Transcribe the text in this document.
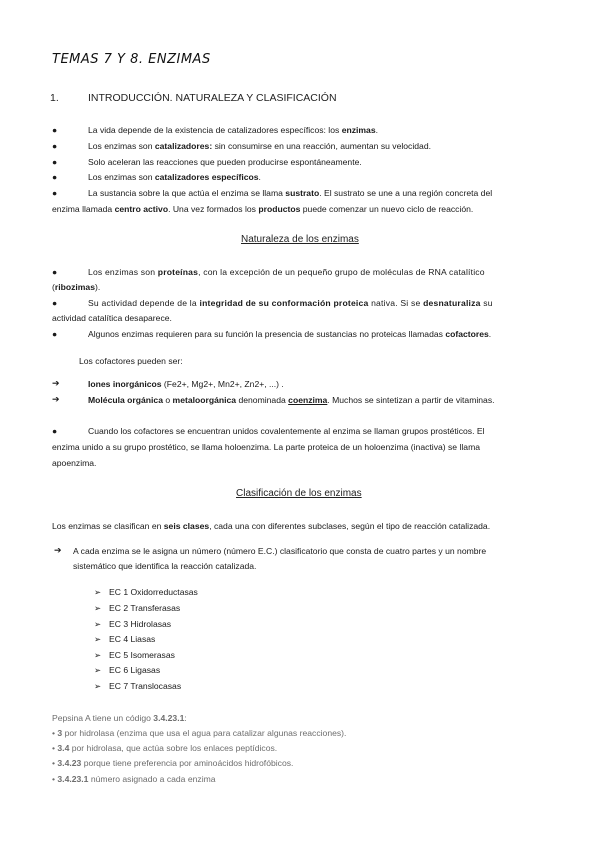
TEMAS 7 Y 8. ENZIMAS
1.	INTRODUCCIÓN. NATURALEZA Y CLASIFICACIÓN
●	La vida depende de la existencia de catalizadores específicos: los enzimas.
●	Los enzimas son catalizadores: sin consumirse en una reacción, aumentan su velocidad.
●	Solo aceleran las reacciones que pueden producirse espontáneamente.
●	Los enzimas son catalizadores específicos.
●	La sustancia sobre la que actúa el enzima se llama sustrato. El sustrato se une a una región concreta del
enzima llamada centro activo. Una vez formados los productos puede comenzar un nuevo ciclo de reacción.
Naturaleza de los enzimas
●	Los enzimas son proteínas, con la excepción de un pequeño grupo de moléculas de RNA catalítico
(ribozimas).
●	Su actividad depende de la integridad de su conformación proteica nativa. Si se desnaturaliza su
actividad catalítica desaparece.
●	Algunos enzimas requieren para su función la presencia de sustancias no proteicas llamadas cofactores.
Los cofactores pueden ser:
➔	Iones inorgánicos (Fe2+, Mg2+, Mn2+, Zn2+, ...) .
➔	Molécula orgánica o metaloorgánica denominada coenzima. Muchos se sintetizan a partir de vitaminas.
●	Cuando los cofactores se encuentran unidos covalentemente al enzima se llaman grupos prostéticos. El
enzima unido a su grupo prostético, se llama holoenzima. La parte proteica de un holoenzima (inactiva) se llama
apoenzima.
Clasificación de los enzimas
Los enzimas se clasifican en seis clases, cada una con diferentes subclases, según el tipo de reacción catalizada.
➔ A cada enzima se le asigna un número (número E.C.) clasificatorio que consta de cuatro partes y un nombre
sistemático que identifica la reacción catalizada.
➢ EC 1 Oxidorreductasas
➢ EC 2 Transferasas
➢ EC 3 Hidrolasas
➢ EC 4 Liasas
➢ EC 5 Isomerasas
➢ EC 6 Ligasas
➢ EC 7 Translocasas
Pepsina A tiene un código 3.4.23.1:
• 3 por hidrolasa (enzima que usa el agua para catalizar algunas reacciones).
• 3.4 por hidrolasa, que actúa sobre los enlaces peptídicos.
• 3.4.23 porque tiene preferencia por aminoácidos hidrofóbicos.
• 3.4.23.1 número asignado a cada enzima
